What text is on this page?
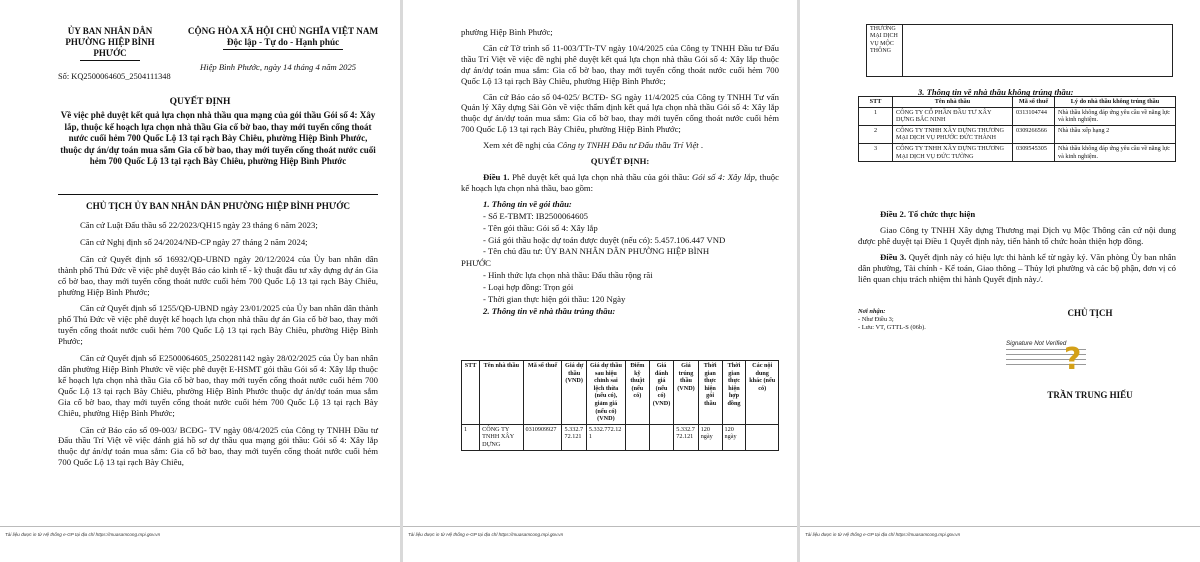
ỦY BAN NHÂN DÂN
PHƯỜNG HIỆP BÌNH
PHƯỚC
CỘNG HÒA XÃ HỘI CHỦ NGHĨA VIỆT NAM
Độc lập - Tự do - Hạnh phúc
Hiệp Bình Phước, ngày 14 tháng 4 năm 2025
Số: KQ2500064605_2504111348
QUYẾT ĐỊNH
Về việc phê duyệt kết quả lựa chọn nhà thầu qua mạng của gói thầu Gói số 4: Xây lắp, thuộc kế hoạch lựa chọn nhà thầu Gia cố bờ bao, thay mới tuyến cống thoát nước cuối hẻm 700 Quốc Lộ 13 tại rạch Bày Chiêu, phường Hiệp Bình Phước, thuộc dự án/dự toán mua sắm Gia cố bờ bao, thay mới tuyến cống thoát nước cuối hẻm 700 Quốc Lộ 13 tại rạch Bày Chiêu, phường Hiệp Bình Phước
CHỦ TỊCH ỦY BAN NHÂN DÂN PHƯỜNG HIỆP BÌNH PHƯỚC

Căn cứ Luật Đấu thầu số 22/2023/QH15 ngày 23 tháng 6 năm 2023;

Căn cứ Nghị định số 24/2024/NĐ-CP ngày 27 tháng 2 năm 2024;

Căn cứ Quyết định số 16932/QĐ-UBND ngày 20/12/2024 của Ủy ban nhân dân thành phố Thủ Đức về việc phê duyệt Báo cáo kinh tế - kỹ thuật đầu tư xây dựng dự án Gia cố bờ bao, thay mới tuyến cống thoát nước cuối hẻm 700 Quốc Lộ 13 tại rạch Bày Chiêu, phường Hiệp Bình Phước;

Căn cứ Quyết định số 1255/QĐ-UBND ngày 23/01/2025 của Ủy ban nhân dân thành phố Thủ Đức về việc phê duyệt kế hoạch lựa chọn nhà thầu dự án Gia cố bờ bao, thay mới tuyến cống thoát nước cuối hẻm 700 Quốc Lộ 13 tại rạch Bày Chiêu, phường Hiệp Bình Phước;

Căn cứ Quyết định số E2500064605_2502281142 ngày 28/02/2025 của Ủy ban nhân dân phường Hiệp Bình Phước về việc phê duyệt E-HSMT gói thầu Gói số 4: Xây lắp thuộc kế hoạch lựa chọn nhà thầu Gia cố bờ bao, thay mới tuyến cống thoát nước cuối hẻm 700 Quốc Lộ 13 tại rạch Bày Chiêu, phường Hiệp Bình Phước thuộc dự án/dự toán mua sắm Gia cố bờ bao, thay mới tuyến cống thoát nước cuối hẻm 700 Quốc Lộ 13 tại rạch Bày Chiêu, phường Hiệp Bình Phước;

Căn cứ Báo cáo số 09-003/ BCĐG- TV ngày 08/4/2025 của Công ty TNHH Đầu tư Đấu thầu Trí Việt về việc đánh giá hồ sơ dự thầu qua mạng gói thầu: Gói số 4: Xây lắp thuộc dự án/dự toán mua sắm: Gia cố bờ bao, thay mới tuyến cống thoát nước cuối hẻm 700 Quốc Lộ 13 tại rạch Bày Chiêu,

Tài liệu được in từ Hệ thống e-GP tại địa chỉ https://muasamcong.mpi.gov.vn

phường Hiệp Bình Phước;

Căn cứ Tờ trình số 11-003/TTr-TV ngày 10/4/2025 của Công ty TNHH Đầu tư Đấu thầu Trí Việt về việc đề nghị phê duyệt kết quả lựa chọn nhà thầu Gói số 4: Xây lắp thuộc dự án/dự toán mua sắm: Gia cố bờ bao, thay mới tuyến cống thoát nước cuối hẻm 700 Quốc Lộ 13 tại rạch Bày Chiêu, phường Hiệp Bình Phước;

Căn cứ Báo cáo số 04-025/ BCTĐ- SG ngày 11/4/2025 của Công ty TNHH Tư vấn Quản lý Xây dựng Sài Gòn về việc thẩm định kết quả lựa chọn nhà thầu Gói số 4: Xây lắp thuộc dự án/dự toán mua sắm: Gia cố bờ bao, thay mới tuyến cống thoát nước cuối hẻm 700 Quốc Lộ 13 tại rạch Bày Chiêu, phường Hiệp Bình Phước;

Xem xét đề nghị của Công ty TNHH Đầu tư Đấu thầu Trí Việt .

QUYẾT ĐỊNH:

Điều 1. Phê duyệt kết quả lựa chọn nhà thầu của gói thầu: Gói số 4: Xây lắp, thuộc kế hoạch lựa chọn nhà thầu, bao gồm:

1. Thông tin về gói thầu:

- Số E-TBMT: IB2500064605

- Tên gói thầu: Gói số 4: Xây lắp

- Giá gói thầu hoặc dự toán được duyệt (nếu có): 5.457.106.447 VND

- Tên chủ đầu tư: ỦY BAN NHÂN DÂN PHƯỜNG HIỆP BÌNH

PHƯỚC

- Hình thức lựa chọn nhà thầu: Đấu thầu rộng rãi

- Loại hợp đồng: Trọn gói

- Thời gian thực hiện gói thầu: 120 Ngày

2. Thông tin về nhà thầu trúng thầu:

STT	Tên nhà thầu	Mã số thuế	Giá dự thầu (VND)	Giá dự thầu sau hiệu chỉnh sai lệch thừa (nếu có), giảm giá (nếu có) (VND)	Điểm kỹ thuật (nếu có)	Giá đánh giá (nếu có) (VND)	Giá trúng thầu (VND)	Thời gian thực hiện gói thầu	Thời gian thực hiện hợp đồng	Các nội dung khác (nếu có)
1	CÔNG TY TNHH XÂY DỰNG	0310909927	5.332.772.121	5.332.772.121			5.332.772.121	120 ngày	120 ngày	
Tài liệu được in từ Hệ thống e-GP tại địa chỉ https://muasamcong.mpi.gov.vn	Tài liệu được in từ Hệ thống e-GP tại địa chỉ https://muasamcong.mpi.gov.vn
THƯƠNG MẠI DỊCH VỤ MỘC THÔNG	
3. Thông tin về nhà thầu không trúng thầu:
STT	Tên nhà thầu	Mã số thuế	Lý do nhà thầu không trúng thầu
1	CÔNG TY CỔ PHẦN ĐẦU TƯ XÂY DỰNG BẮC NINH	0313104744	Nhà thầu không đáp ứng yêu cầu về năng lực và kinh nghiệm.
2	CÔNG TY TNHH XÂY DỰNG THƯƠNG MẠI DỊCH VỤ PHƯỚC ĐỨC THÀNH	0309266566	Nhà thầu xếp hạng 2
3	CÔNG TY TNHH XÂY DỰNG THƯƠNG MẠI DỊCH VỤ ĐỨC TƯỜNG	0309545305	Nhà thầu không đáp ứng yêu cầu về năng lực và kinh nghiệm.

Điều 2. Tổ chức thực hiện

Giao Công ty TNHH Xây dựng Thương mại Dịch vụ Mộc Thông căn cứ nội dung được phê duyệt tại Điều 1 Quyết định này, tiến hành tổ chức hoàn thiện hợp đồng.

Điều 3. Quyết định này có hiệu lực thi hành kể từ ngày ký. Văn phòng Ủy ban nhân dân phường, Tài chính - Kế toán, Giao thông – Thủy lợi phường và các bộ phận, đơn vị có liên quan chịu trách nhiệm thi hành Quyết định này./.

Nơi nhận:
- Như Điều 3;
- Lưu: VT, GTTL-S (06b).
CHỦ TỊCH
Signature Not Verified
?
TRẦN TRUNG HIẾU
